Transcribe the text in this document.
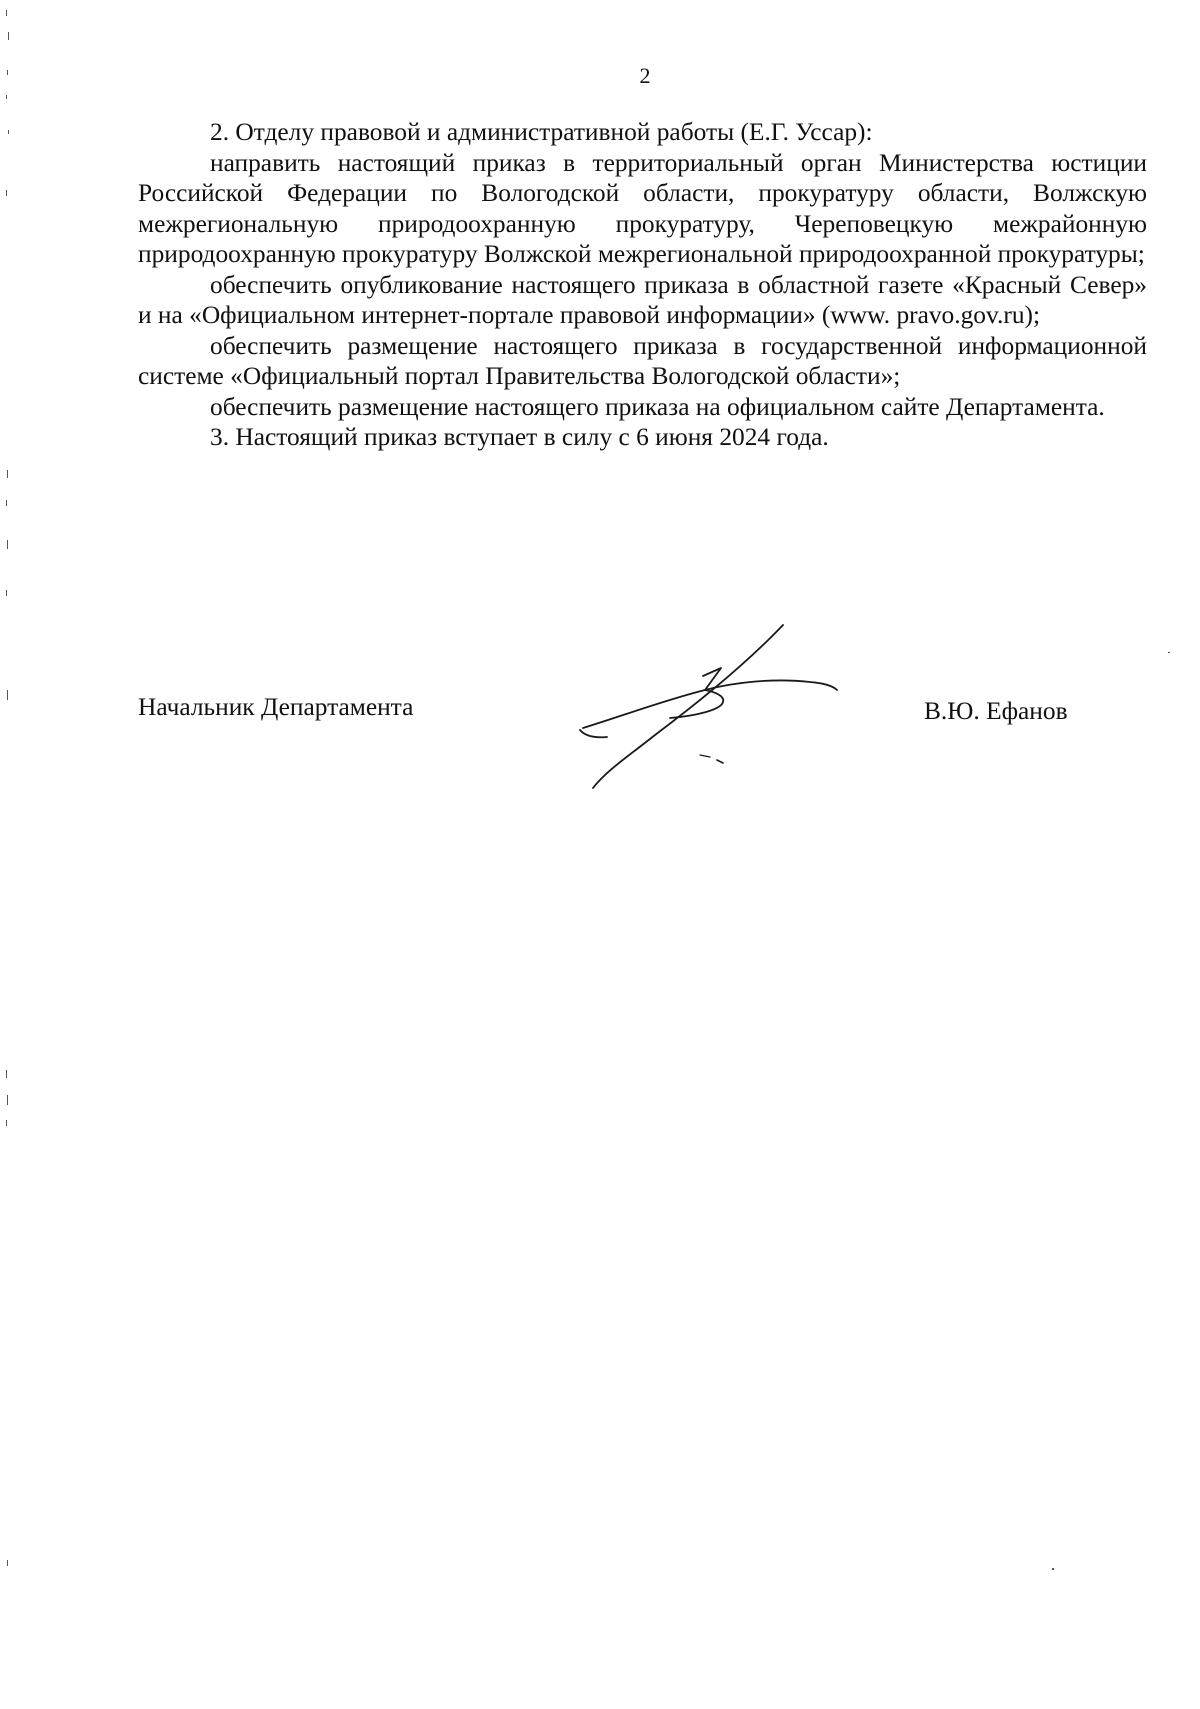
2

2. Отделу правовой и административной работы (Е.Г. Уссар):

направить настоящий приказ в территориальный орган Министерства юстиции Российской Федерации по Вологодской области, прокуратуру области, Волжскую межрегиональную природоохранную прокуратуру, Череповецкую межрайонную природоохранную прокуратуру Волжской межрегиональной природоохранной прокуратуры;

обеспечить опубликование настоящего приказа в областной газете «Красный Север» и на «Официальном интернет-портале правовой информации» (www. pravo.gov.ru);

обеспечить размещение настоящего приказа в государственной информационной системе «Официальный портал Правительства Вологодской области»;

обеспечить размещение настоящего приказа на официальном сайте Департамента.

3. Настоящий приказ вступает в силу с 6 июня 2024 года.

Начальник Департамента	В.Ю. Ефанов
